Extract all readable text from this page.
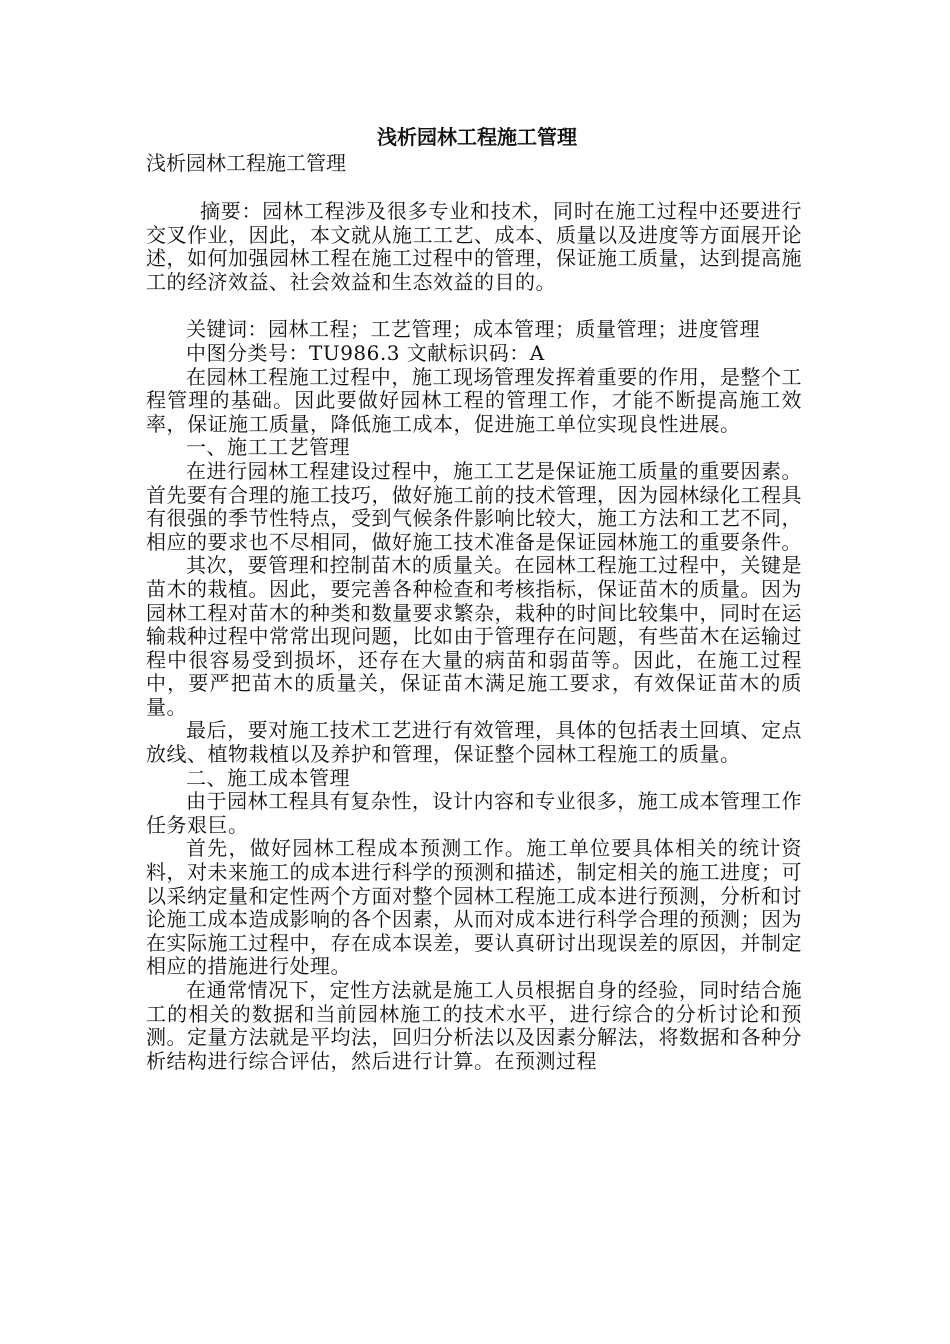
浅析园林工程施工管理

浅析园林工程施工管理

摘要：园林工程涉及很多专业和技术，同时在施工过程中还要进行交叉作业，因此，本文就从施工工艺、成本、质量以及进度等方面展开论述，如何加强园林工程在施工过程中的管理，保证施工质量，达到提高施工的经济效益、社会效益和生态效益的目的。

关键词：园林工程；工艺管理；成本管理；质量管理；进度管理

中图分类号：TU986.3 文献标识码：A

在园林工程施工过程中，施工现场管理发挥着重要的作用，是整个工程管理的基础。因此要做好园林工程的管理工作，才能不断提高施工效率，保证施工质量，降低施工成本，促进施工单位实现良性进展。

一、施工工艺管理

在进行园林工程建设过程中，施工工艺是保证施工质量的重要因素。首先要有合理的施工技巧，做好施工前的技术管理，因为园林绿化工程具有很强的季节性特点，受到气候条件影响比较大，施工方法和工艺不同，相应的要求也不尽相同，做好施工技术准备是保证园林施工的重要条件。

其次，要管理和控制苗木的质量关。在园林工程施工过程中，关键是苗木的栽植。因此，要完善各种检查和考核指标，保证苗木的质量。因为园林工程对苗木的种类和数量要求繁杂，栽种的时间比较集中，同时在运输栽种过程中常常出现问题，比如由于管理存在问题，有些苗木在运输过程中很容易受到损坏，还存在大量的病苗和弱苗等。因此，在施工过程中，要严把苗木的质量关，保证苗木满足施工要求，有效保证苗木的质量。

最后，要对施工技术工艺进行有效管理，具体的包括表土回填、定点放线、植物栽植以及养护和管理，保证整个园林工程施工的质量。

二、施工成本管理

由于园林工程具有复杂性，设计内容和专业很多，施工成本管理工作任务艰巨。

首先，做好园林工程成本预测工作。施工单位要具体相关的统计资料，对未来施工的成本进行科学的预测和描述，制定相关的施工进度；可以采纳定量和定性两个方面对整个园林工程施工成本进行预测，分析和讨论施工成本造成影响的各个因素，从而对成本进行科学合理的预测；因为在实际施工过程中，存在成本误差，要认真研讨出现误差的原因，并制定相应的措施进行处理。

在通常情况下，定性方法就是施工人员根据自身的经验，同时结合施工的相关的数据和当前园林施工的技术水平，进行综合的分析讨论和预测。定量方法就是平均法，回归分析法以及因素分解法，将数据和各种分析结构进行综合评估，然后进行计算。在预测过程
